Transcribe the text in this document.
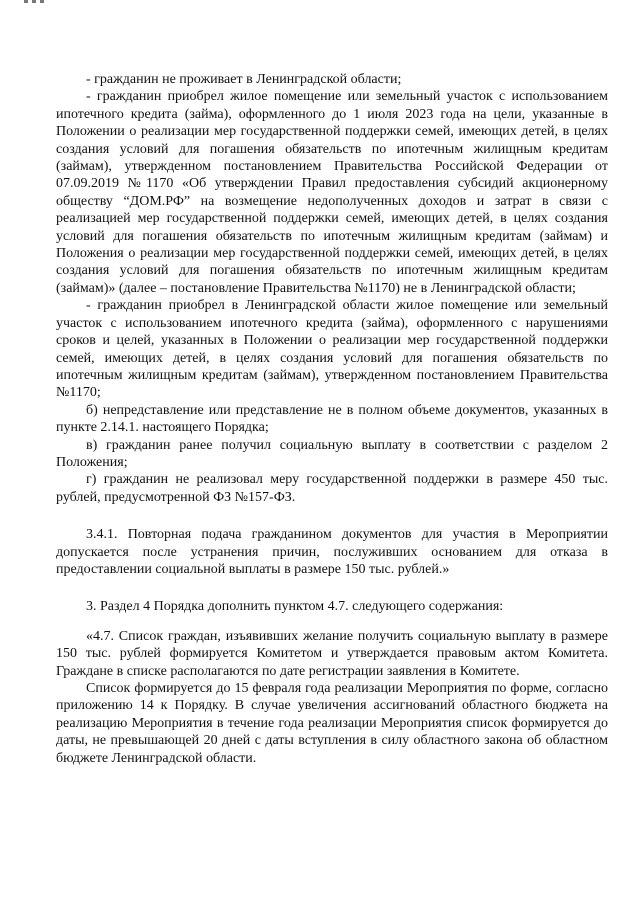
- гражданин не проживает в Ленинградской области;

- гражданин приобрел жилое помещение или земельный участок с использованием ипотечного кредита (займа), оформленного до 1 июля 2023 года на цели, указанные в Положении о реализации мер государственной поддержки семей, имеющих детей, в целях создания условий для погашения обязательств по ипотечным жилищным кредитам (займам), утвержденном постановлением Правительства Российской Федерации от 07.09.2019 №1170 «Об утверждении Правил предоставления субсидий акционерному обществу “ДОМ.РФ” на возмещение недополученных доходов и затрат в связи с реализацией мер государственной поддержки семей, имеющих детей, в целях создания условий для погашения обязательств по ипотечным жилищным кредитам (займам) и Положения о реализации мер государственной поддержки семей, имеющих детей, в целях создания условий для погашения обязательств по ипотечным жилищным кредитам (займам)» (далее – постановление Правительства №1170) не в Ленинградской области;

- гражданин приобрел в Ленинградской области жилое помещение или земельный участок с использованием ипотечного кредита (займа), оформленного с нарушениями сроков и целей, указанных в Положении о реализации мер государственной поддержки семей, имеющих детей, в целях создания условий для погашения обязательств по ипотечным жилищным кредитам (займам), утвержденном постановлением Правительства №1170;

б) непредставление или представление не в полном объеме документов, указанных в пункте 2.14.1. настоящего Порядка;

в) гражданин ранее получил социальную выплату в соответствии с разделом 2 Положения;

г) гражданин не реализовал меру государственной поддержки в размере 450 тыс. рублей, предусмотренной ФЗ №157-ФЗ.

3.4.1. Повторная подача гражданином документов для участия в Мероприятии допускается после устранения причин, послуживших основанием для отказа в предоставлении социальной выплаты в размере 150 тыс. рублей.»

3. Раздел 4 Порядка дополнить пунктом 4.7. следующего содержания:

«4.7. Список граждан, изъявивших желание получить социальную выплату в размере 150 тыс. рублей формируется Комитетом и утверждается правовым актом Комитета. Граждане в списке располагаются по дате регистрации заявления в Комитете.

Список формируется до 15 февраля года реализации Мероприятия по форме, согласно приложению 14 к Порядку. В случае увеличения ассигнований областного бюджета на реализацию Мероприятия в течение года реализации Мероприятия список формируется до даты, не превышающей 20 дней с даты вступления в силу областного закона об областном бюджете Ленинградской области.
